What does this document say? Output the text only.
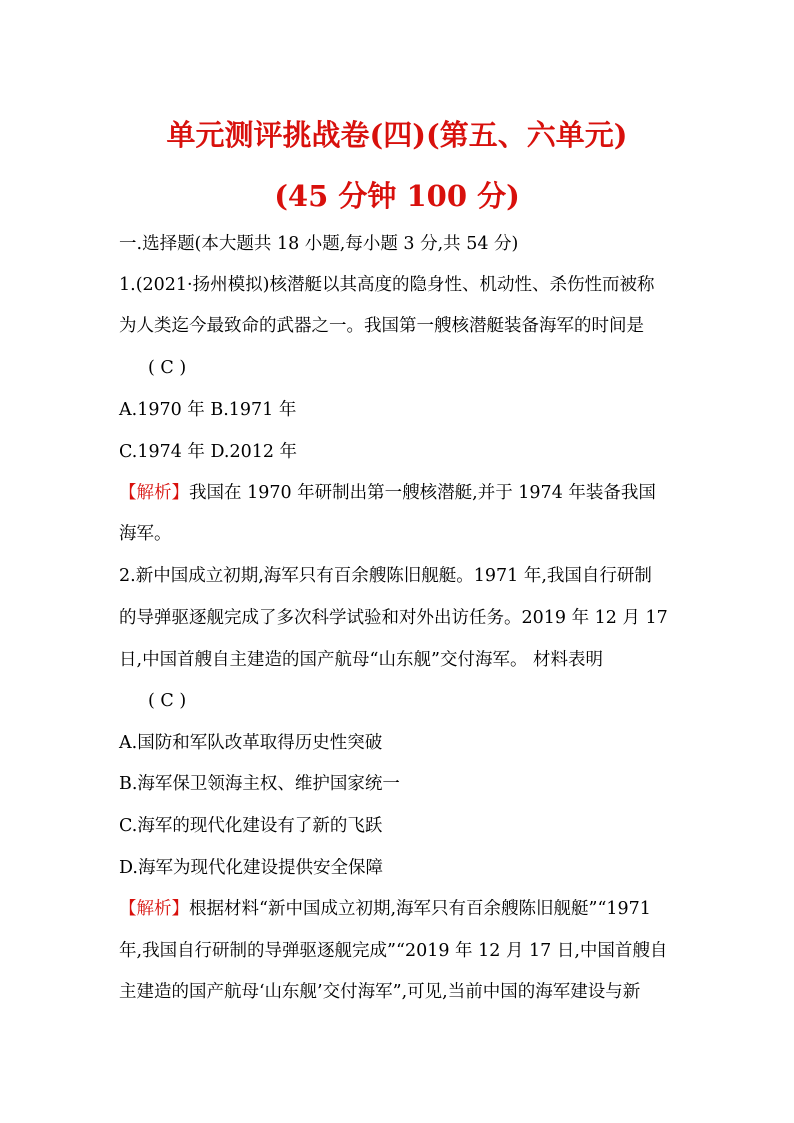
单元测评挑战卷(四)(第五、六单元)
(45 分钟 100 分)
一.选择题(本大题共 18 小题,每小题 3 分,共 54 分)
1.(2021·扬州模拟)核潜艇以其高度的隐身性、机动性、杀伤性而被称
为人类迄今最致命的武器之一。我国第一艘核潜艇装备海军的时间是
( C )
A.1970 年 B.1971 年
C.1974 年 D.2012 年
【解析】我国在 1970 年研制出第一艘核潜艇,并于 1974 年装备我国
海军。
2.新中国成立初期,海军只有百余艘陈旧舰艇。1971 年,我国自行研制
的导弹驱逐舰完成了多次科学试验和对外出访任务。2019 年 12 月 17
日,中国首艘自主建造的国产航母“山东舰”交付海军。 材料表明
( C )
A.国防和军队改革取得历史性突破
B.海军保卫领海主权、维护国家统一
C.海军的现代化建设有了新的飞跃
D.海军为现代化建设提供安全保障
【解析】根据材料“新中国成立初期,海军只有百余艘陈旧舰艇”“1971
年,我国自行研制的导弹驱逐舰完成”“2019 年 12 月 17 日,中国首艘自
主建造的国产航母‘山东舰’交付海军”,可见,当前中国的海军建设与新
